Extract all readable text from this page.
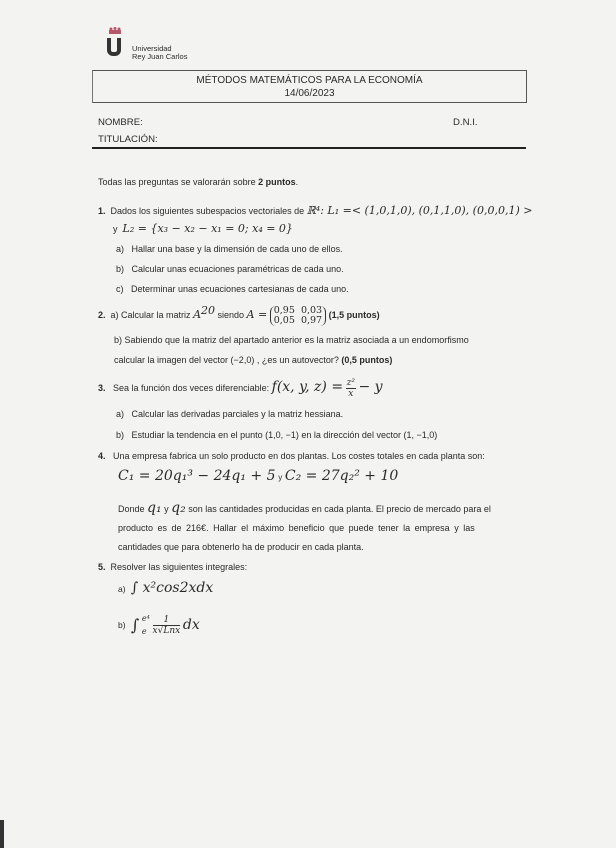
Universidad
Rey Juan Carlos
MÉTODOS MATEMÁTICOS PARA LA ECONOMÍA
14/06/2023
NOMBRE:	D.N.I.
TITULACIÓN:
Todas las preguntas se valorarán sobre 2 puntos.
1. Dados los siguientes subespacios vectoriales de ℝ⁴: L₁ =< (1,0,1,0), (0,1,1,0), (0,0,0,1) >
y L₂ = {x₃ − x₂ − x₁ = 0; x₄ = 0}
a) Hallar una base y la dimensión de cada uno de ellos.
b) Calcular unas ecuaciones paramétricas de cada uno.
c) Determinar unas ecuaciones cartesianas de cada uno.
2. a) Calcular la matriz $A^{20}$ siendo A = 0,95 0,03
0,05 0,97 (1,5 puntos)
b) Sabiendo que la matriz del apartado anterior es la matriz asociada a un endomorfismo
calcular la imagen del vector (−2,0) , ¿es un autovector? (0,5 puntos)
3. Sea la función dos veces diferenciable: f(x, y, $z) = \frac{\text{z²}}{x} - y$
a) Calcular las derivadas parciales y la matriz hessiana.
b) Estudiar la tendencia en el punto (1,0, −1) en la dirección del vector (1, −1,0)
4. Una empresa fabrica un solo producto en dos plantas. Los costes totales en cada planta son:
C₁ = 20q₁³ − 24q₁ + 5 y C₂ = 27q₂² + 10
Donde q₁ y q₂ son las cantidades producidas en cada planta. El precio de mercado para el
producto es de 216€. Hallar el máximo beneficio que puede tener la empresa y las
cantidades que para obtenerlo ha de producir en cada planta.
5. Resolver las siguientes integrales:
a) ∫ x²cos2xdx
b) ∫ e⁴
e
$\frac{1}{\text{x√Lnx}}$ dx
